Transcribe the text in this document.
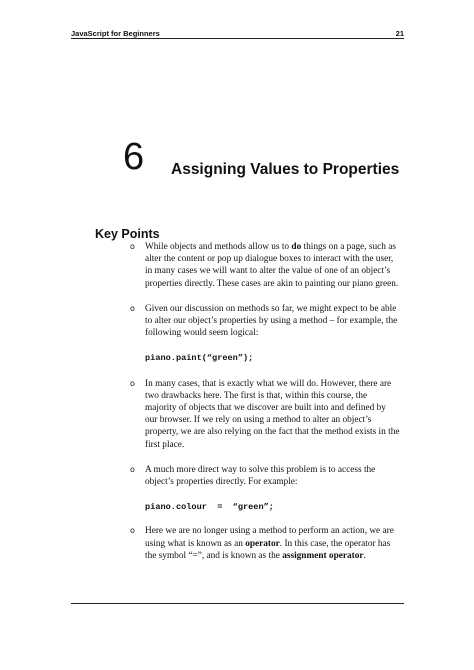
JavaScript for Beginners	21
6 Assigning Values to Properties
Key Points

o While objects and methods allow us to do things on a page, such as alter the content or pop up dialogue boxes to interact with the user, in many cases we will want to alter the value of one of an object’s properties directly. These cases are akin to painting our piano green.

o Given our discussion on methods so far, we might expect to be able to alter our object’s properties by using a method – for example, the following would seem logical:

piano.paint(“green”);

o In many cases, that is exactly what we will do. However, there are two drawbacks here. The first is that, within this course, the majority of objects that we discover are built into and defined by our browser. If we rely on using a method to alter an object’s property, we are also relying on the fact that the method exists in the first place.

o A much more direct way to solve this problem is to access the object’s properties directly. For example:

piano.colour  =  “green”;

o Here we are no longer using a method to perform an action, we are using what is known as an operator. In this case, the operator has the symbol “=”, and is known as the assignment operator.
